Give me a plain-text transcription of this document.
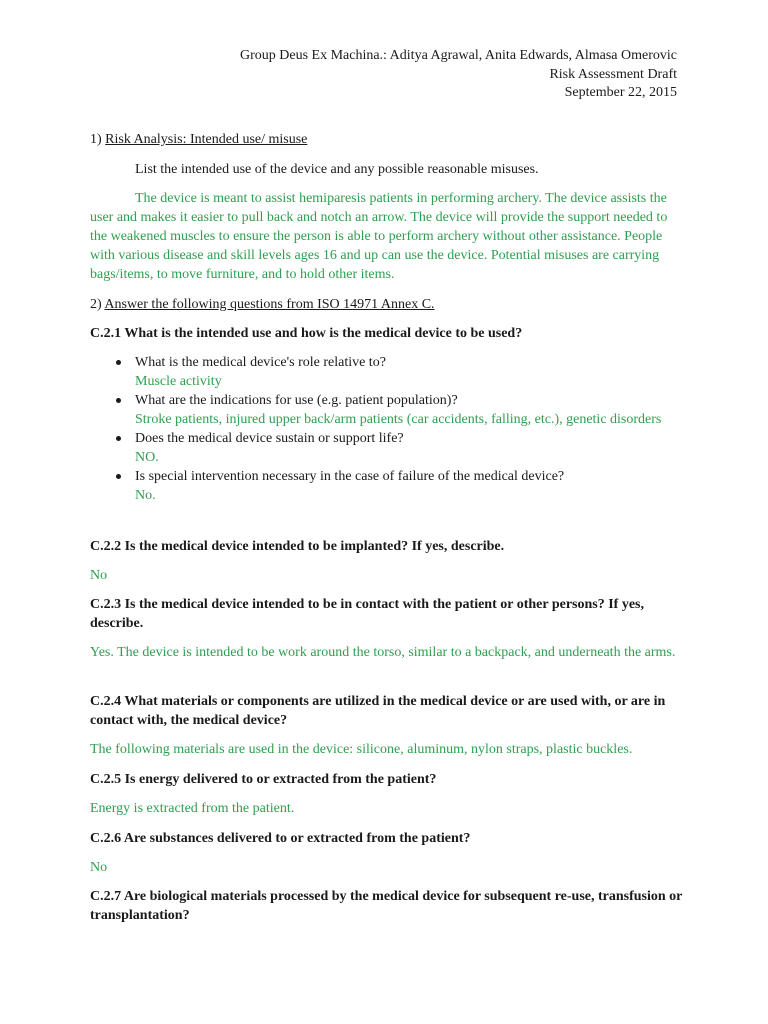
Group Deus Ex Machina.: Aditya Agrawal, Anita Edwards, Almasa Omerovic
Risk Assessment Draft
September 22, 2015

1) Risk Analysis: Intended use/ misuse

List the intended use of the device and any possible reasonable misuses.

The device is meant to assist hemiparesis patients in performing archery. The device assists the user and makes it easier to pull back and notch an arrow. The device will provide the support needed to the weakened muscles to ensure the person is able to perform archery without other assistance. People with various disease and skill levels ages 16 and up can use the device. Potential misuses are carrying bags/items, to move furniture, and to hold other items.

2) Answer the following questions from ISO 14971 Annex C.

C.2.1 What is the intended use and how is the medical device to be used?

What is the medical device's role relative to?
Muscle activity
What are the indications for use (e.g. patient population)?
Stroke patients, injured upper back/arm patients (car accidents, falling, etc.), genetic disorders
Does the medical device sustain or support life?
NO.
Is special intervention necessary in the case of failure of the medical device?
No.

C.2.2 Is the medical device intended to be implanted? If yes, describe.

No

C.2.3 Is the medical device intended to be in contact with the patient or other persons? If yes, describe.

Yes. The device is intended to be work around the torso, similar to a backpack, and underneath the arms.

C.2.4 What materials or components are utilized in the medical device or are used with, or are in contact with, the medical device?

The following materials are used in the device: silicone, aluminum, nylon straps, plastic buckles.

C.2.5 Is energy delivered to or extracted from the patient?

Energy is extracted from the patient.

C.2.6 Are substances delivered to or extracted from the patient?

No

C.2.7 Are biological materials processed by the medical device for subsequent re-use, transfusion or transplantation?
